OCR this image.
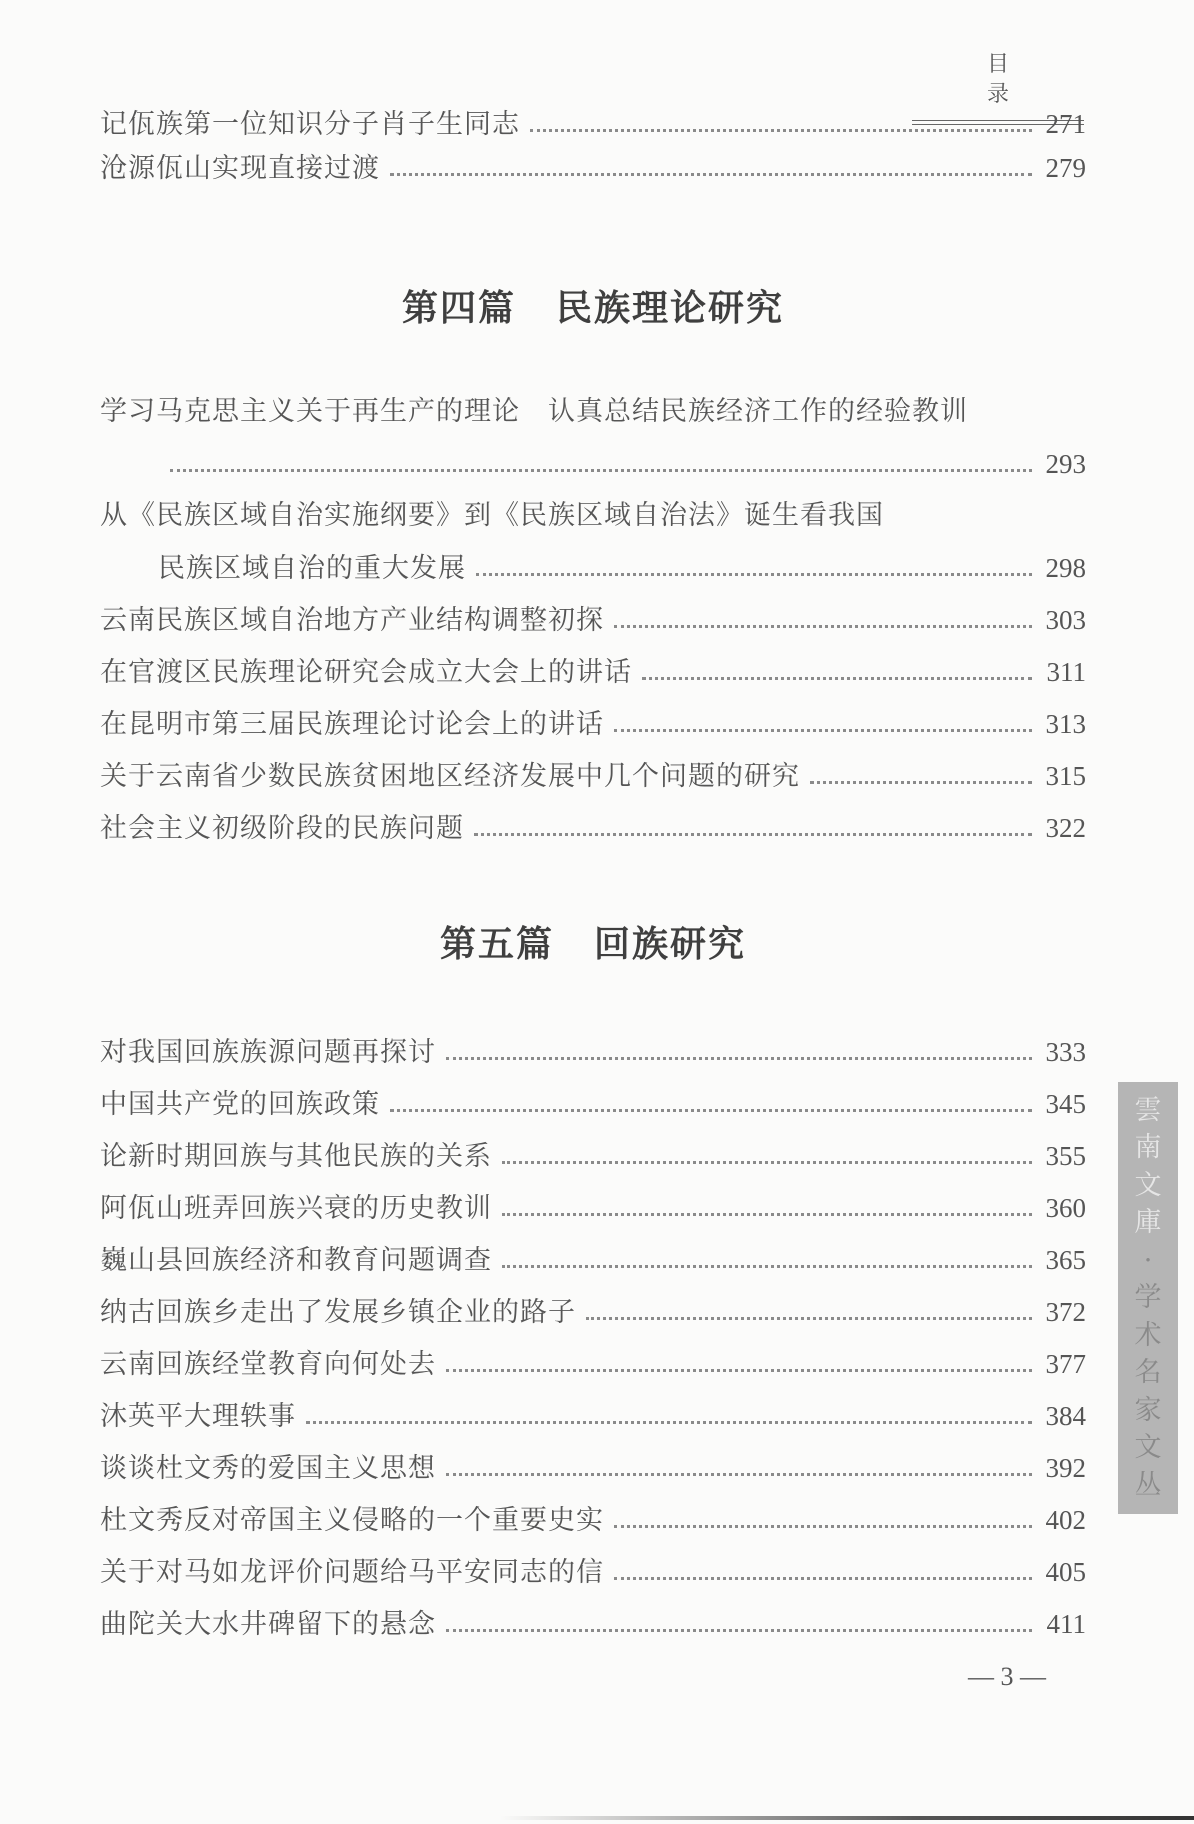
目　录
记佤族第一位知识分子肖子生同志	271
沧源佤山实现直接过渡	279
第四篇 民族理论研究
学习马克思主义关于再生产的理论　认真总结民族经济工作的经验教训
293
从《民族区域自治实施纲要》到《民族区域自治法》诞生看我国
民族区域自治的重大发展	298
云南民族区域自治地方产业结构调整初探	303
在官渡区民族理论研究会成立大会上的讲话	311
在昆明市第三届民族理论讨论会上的讲话	313
关于云南省少数民族贫困地区经济发展中几个问题的研究	315
社会主义初级阶段的民族问题	322
第五篇 回族研究
对我国回族族源问题再探讨	333
中国共产党的回族政策	345
论新时期回族与其他民族的关系	355
阿佤山班弄回族兴衰的历史教训	360
巍山县回族经济和教育问题调查	365
纳古回族乡走出了发展乡镇企业的路子	372
云南回族经堂教育向何处去	377
沐英平大理轶事	384
谈谈杜文秀的爱国主义思想	392
杜文秀反对帝国主义侵略的一个重要史实	402
关于对马如龙评价问题给马平安同志的信	405
曲陀关大水井碑留下的悬念	411
雲
南
文
庫
·
学
术
名
家
文
丛
— 3 —
